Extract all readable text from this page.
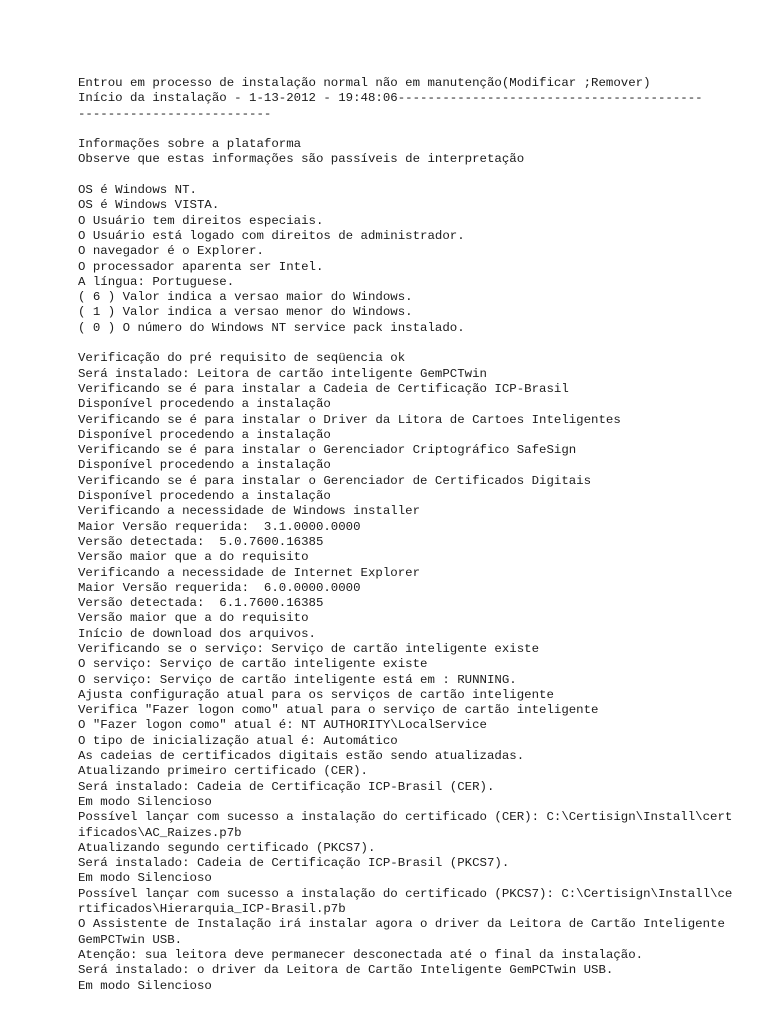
Entrou em processo de instalação normal não em manutenção(Modificar ;Remover)
Início da instalação - 1-13-2012 - 19:48:06-----------------------------------------
--------------------------
Informações sobre a plataforma
Observe que estas informações são passíveis de interpretação
OS é Windows NT.
OS é Windows VISTA.
O Usuário tem direitos especiais.
O Usuário está logado com direitos de administrador.
O navegador é o Explorer.
O processador aparenta ser Intel.
A língua: Portuguese.
( 6 ) Valor indica a versao maior do Windows.
( 1 ) Valor indica a versao menor do Windows.
( 0 ) O número do Windows NT service pack instalado.
Verificação do pré requisito de seqüencia ok
Será instalado: Leitora de cartão inteligente GemPCTwin
Verificando se é para instalar a Cadeia de Certificação ICP-Brasil
Disponível procedendo a instalação
Verificando se é para instalar o Driver da Litora de Cartoes Inteligentes
Disponível procedendo a instalação
Verificando se é para instalar o Gerenciador Criptográfico SafeSign
Disponível procedendo a instalação
Verificando se é para instalar o Gerenciador de Certificados Digitais
Disponível procedendo a instalação
Verificando a necessidade de Windows installer
Maior Versão requerida:  3.1.0000.0000
Versão detectada:  5.0.7600.16385
Versão maior que a do requisito
Verificando a necessidade de Internet Explorer
Maior Versão requerida:  6.0.0000.0000
Versão detectada:  6.1.7600.16385
Versão maior que a do requisito
Início de download dos arquivos.
Verificando se o serviço: Serviço de cartão inteligente existe
O serviço: Serviço de cartão inteligente existe
O serviço: Serviço de cartão inteligente está em : RUNNING.
Ajusta configuração atual para os serviços de cartão inteligente
Verifica "Fazer logon como" atual para o serviço de cartão inteligente
O "Fazer logon como" atual é: NT AUTHORITY\LocalService
O tipo de inicialização atual é: Automático
As cadeias de certificados digitais estão sendo atualizadas.
Atualizando primeiro certificado (CER).
Será instalado: Cadeia de Certificação ICP-Brasil (CER).
Em modo Silencioso
Possível lançar com sucesso a instalação do certificado (CER): C:\Certisign\Install\cert
ificados\AC_Raizes.p7b
Atualizando segundo certificado (PKCS7).
Será instalado: Cadeia de Certificação ICP-Brasil (PKCS7).
Em modo Silencioso
Possível lançar com sucesso a instalação do certificado (PKCS7): C:\Certisign\Install\ce
rtificados\Hierarquia_ICP-Brasil.p7b
O Assistente de Instalação irá instalar agora o driver da Leitora de Cartão Inteligente
GemPCTwin USB.
Atenção: sua leitora deve permanecer desconectada até o final da instalação.
Será instalado: o driver da Leitora de Cartão Inteligente GemPCTwin USB.
Em modo Silencioso
